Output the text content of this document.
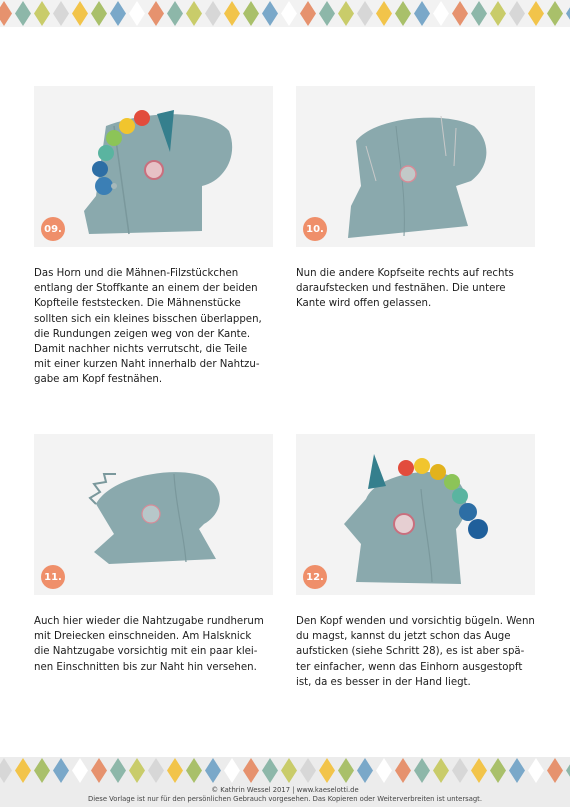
09.
Das Horn und die Mähnen-Filzstückchen
entlang der Stoffkante an einem der beiden
Kopfteile feststecken. Die Mähnenstücke
sollten sich ein kleines bisschen überlappen,
die Rundungen zeigen weg von der Kante.
Damit nachher nichts verrutscht, die Teile
mit einer kurzen Naht innerhalb der Nahtzu-
gabe am Kopf festnähen.
10.
Nun die andere Kopfseite rechts auf rechts
daraufstecken und festnähen. Die untere
Kante wird offen gelassen.
11.
Auch hier wieder die Nahtzugabe rundherum
mit Dreiecken einschneiden. Am Halsknick
die Nahtzugabe vorsichtig mit ein paar klei-
nen Einschnitten bis zur Naht hin versehen.
12.
Den Kopf wenden und vorsichtig bügeln. Wenn
du magst, kannst du jetzt schon das Auge
aufsticken (siehe Schritt 28), es ist aber spä-
ter einfacher, wenn das Einhorn ausgestopft
ist, da es besser in der Hand liegt.
© Kathrin Wessel 2017 | www.kaeselotti.de
Diese Vorlage ist nur für den persönlichen Gebrauch vorgesehen. Das Kopieren oder Weiterverbreiten ist untersagt.
